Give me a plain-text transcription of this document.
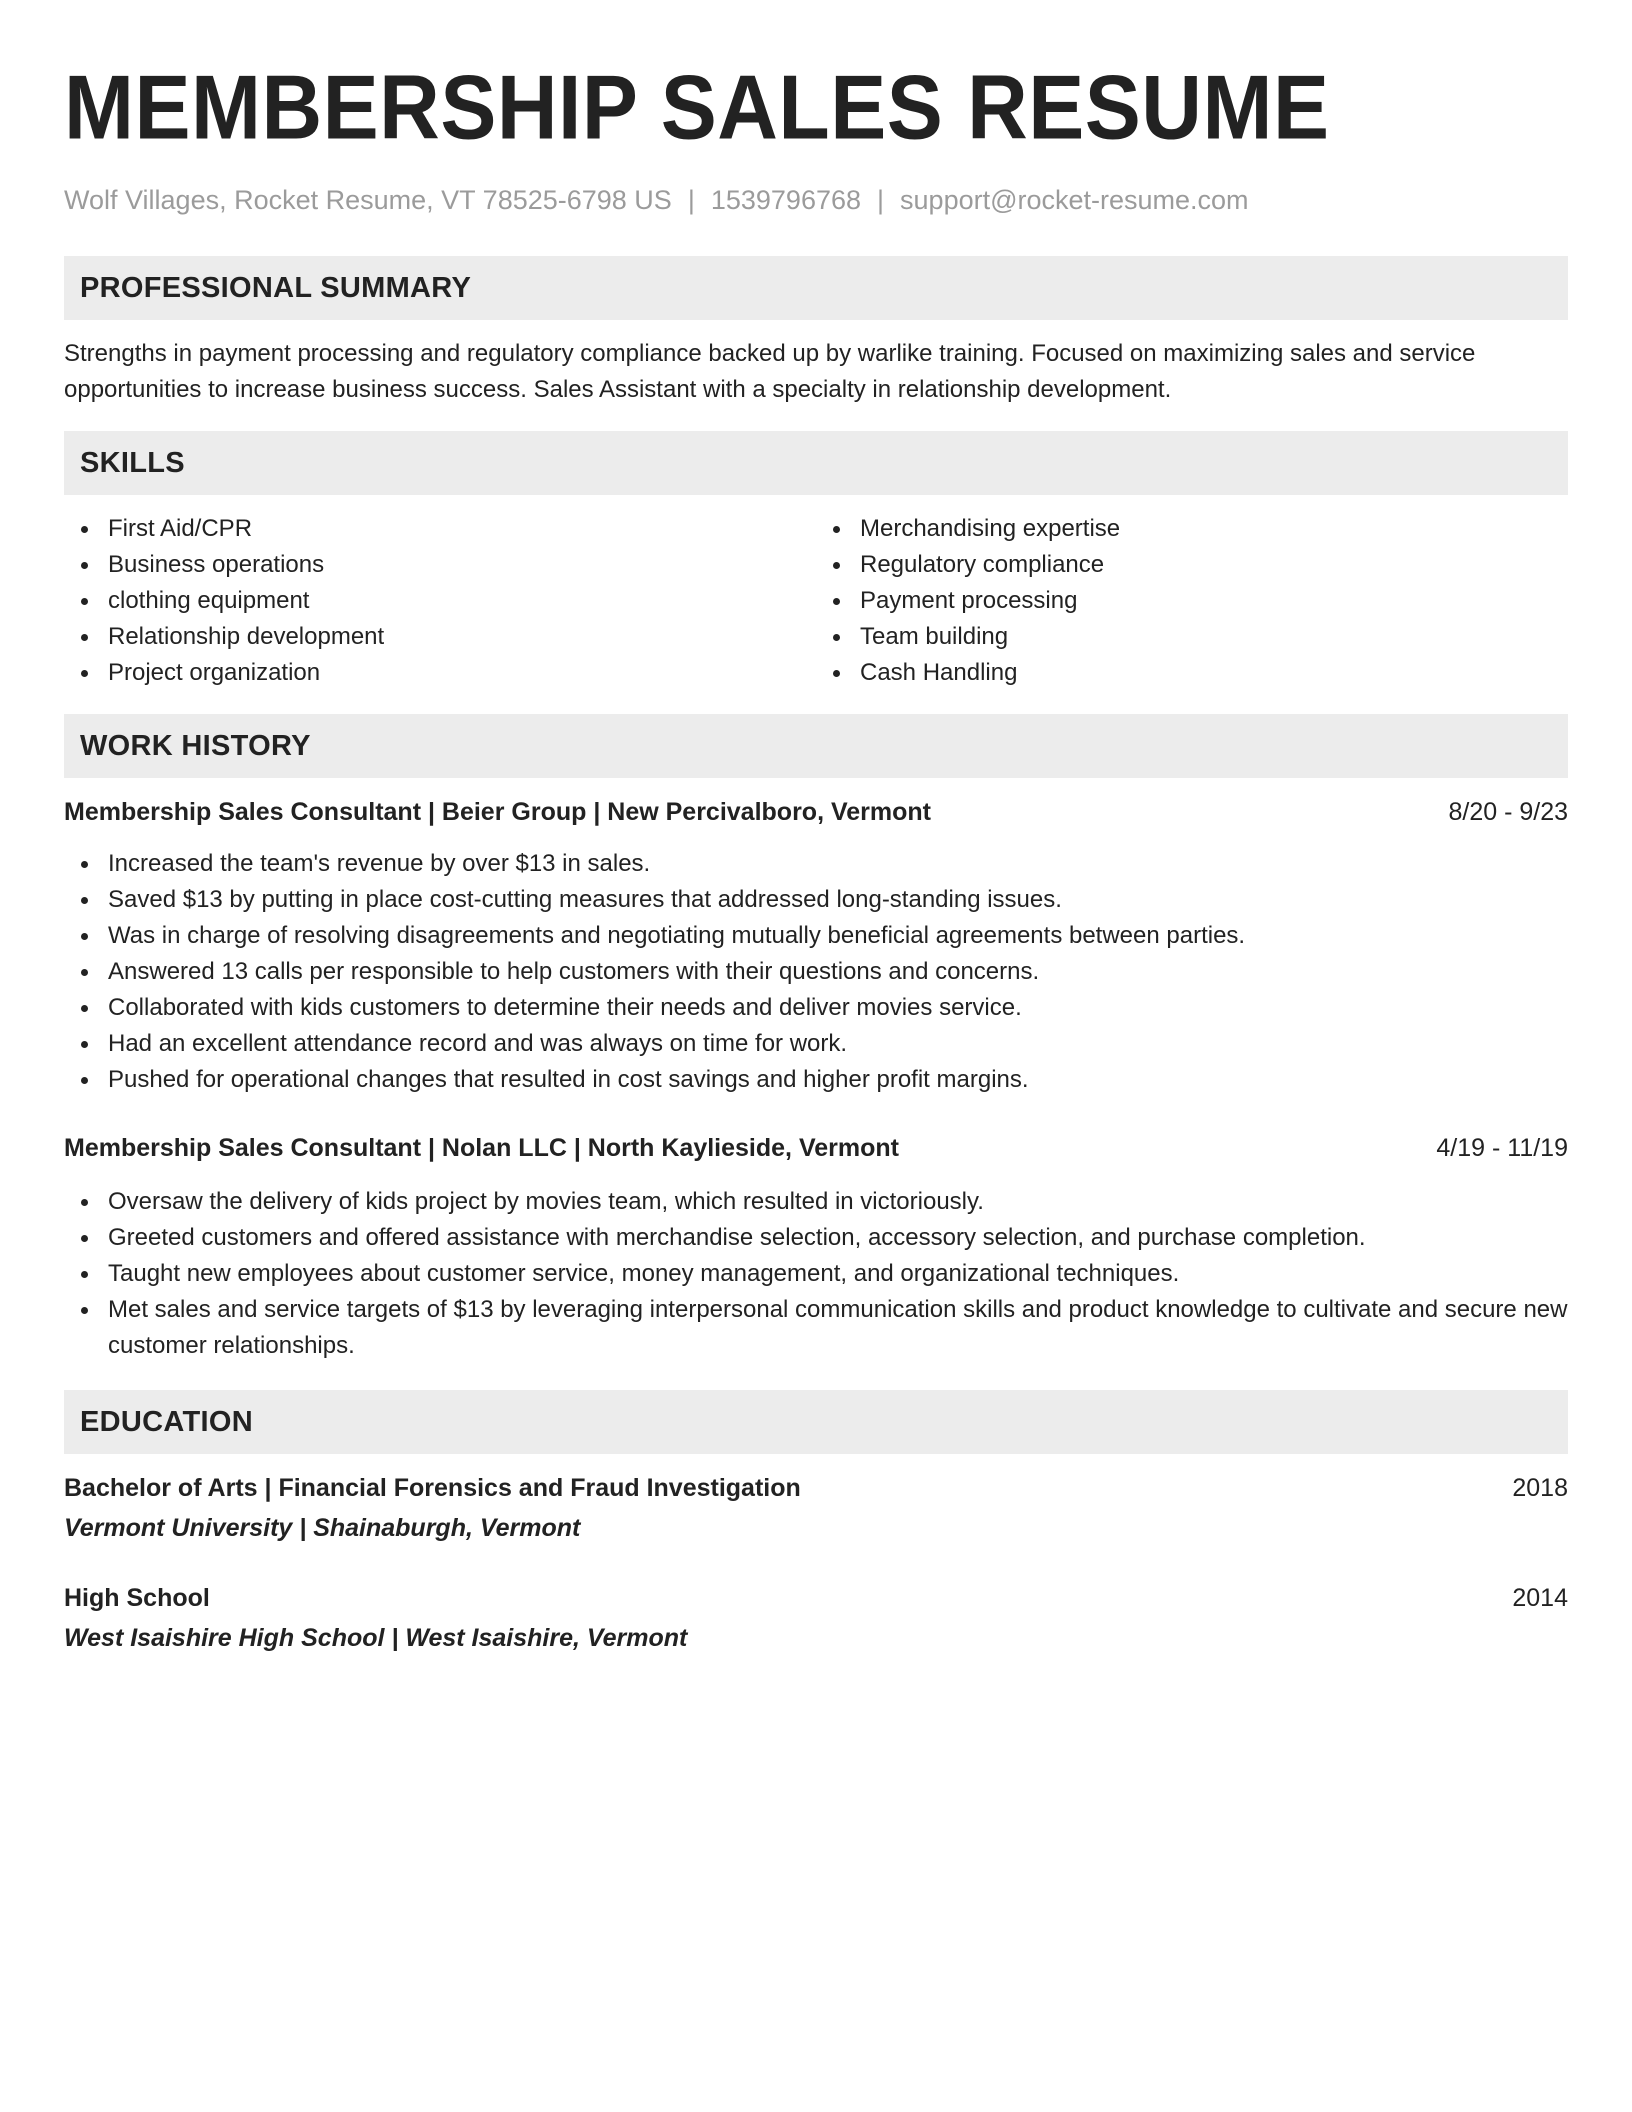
MEMBERSHIP SALES RESUME
Wolf Villages, Rocket Resume, VT 78525-6798 US | 1539796768 | support@rocket-resume.com
PROFESSIONAL SUMMARY
Strengths in payment processing and regulatory compliance backed up by warlike training. Focused on maximizing sales and service opportunities to increase business success. Sales Assistant with a specialty in relationship development.
SKILLS
First Aid/CPR
Business operations
clothing equipment
Relationship development
Project organization
Merchandising expertise
Regulatory compliance
Payment processing
Team building
Cash Handling
WORK HISTORY
Membership Sales Consultant | Beier Group | New Percivalboro, Vermont	8/20 - 9/23
Increased the team's revenue by over $13 in sales.
Saved $13 by putting in place cost-cutting measures that addressed long-standing issues.
Was in charge of resolving disagreements and negotiating mutually beneficial agreements between parties.
Answered 13 calls per responsible to help customers with their questions and concerns.
Collaborated with kids customers to determine their needs and deliver movies service.
Had an excellent attendance record and was always on time for work.
Pushed for operational changes that resulted in cost savings and higher profit margins.
Membership Sales Consultant | Nolan LLC | North Kaylieside, Vermont	4/19 - 11/19
Oversaw the delivery of kids project by movies team, which resulted in victoriously.
Greeted customers and offered assistance with merchandise selection, accessory selection, and purchase completion.
Taught new employees about customer service, money management, and organizational techniques.
Met sales and service targets of $13 by leveraging interpersonal communication skills and product knowledge to cultivate and secure new customer relationships.
EDUCATION
Bachelor of Arts | Financial Forensics and Fraud Investigation	2018
Vermont University | Shainaburgh, Vermont
High School	2014
West Isaishire High School | West Isaishire, Vermont
